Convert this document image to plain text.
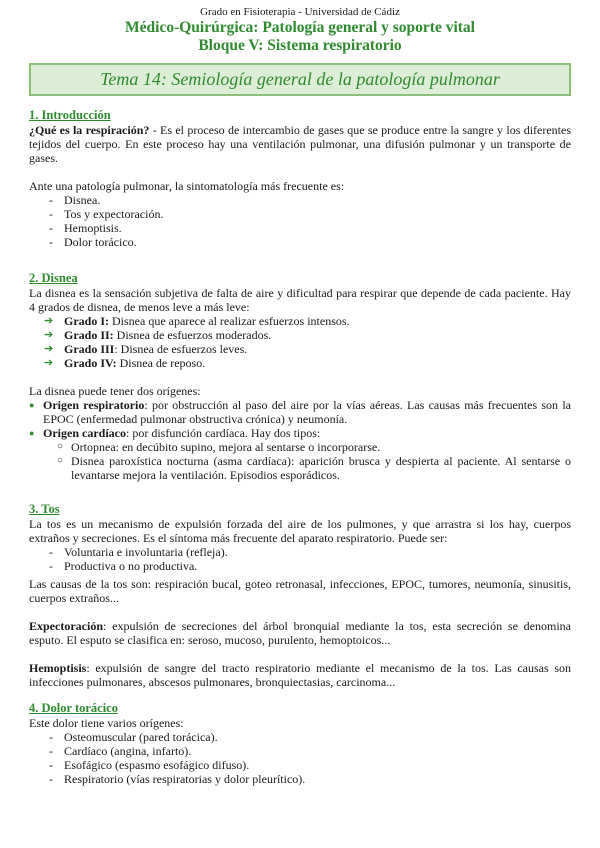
Grado en Fisioterapia - Universidad de Cádiz
Médico-Quirúrgica: Patología general y soporte vital
Bloque V: Sistema respiratorio
Tema 14: Semiología general de la patología pulmonar
1. Introducción

¿Qué es la respiración? - Es el proceso de intercambio de gases que se produce entre la sangre y los diferentes tejidos del cuerpo. En este proceso hay una ventilación pulmonar, una difusión pulmonar y un transporte de gases.

Ante una patología pulmonar, la sintomatología más frecuente es:

- Disnea.
- Tos y expectoración.
- Hemoptisis.
- Dolor torácico.
2. Disnea

La disnea es la sensación subjetiva de falta de aire y dificultad para respirar que depende de cada paciente. Hay 4 grados de disnea, de menos leve a más leve:

➔ Grado I: Disnea que aparece al realizar esfuerzos intensos.
➔ Grado II: Disnea de esfuerzos moderados.
➔ Grado III: Disnea de esfuerzos leves.
➔ Grado IV: Disnea de reposo.

La disnea puede tener dos orígenes:

● Origen respiratorio: por obstrucción al paso del aire por la vías aéreas. Las causas más frecuentes son la EPOC (enfermedad pulmonar obstructiva crónica) y neumonía.
● Origen cardíaco: por disfunción cardíaca. Hay dos tipos:
○ Ortopnea: en decúbito supino, mejora al sentarse o incorporarse.
○ Disnea paroxística nocturna (asma cardíaca): aparición brusca y despierta al paciente. Al sentarse o levantarse mejora la ventilación. Episodios esporádicos.
3. Tos

La tos es un mecanismo de expulsión forzada del aire de los pulmones, y que arrastra si los hay, cuerpos extraños y secreciones. Es el síntoma más frecuente del aparato respiratorio. Puede ser:

- Voluntaria e involuntaria (refleja).
- Productiva o no productiva.

Las causas de la tos son: respiración bucal, goteo retronasal, infecciones, EPOC, tumores, neumonía, sinusitis, cuerpos extraños...

Expectoración: expulsión de secreciones del árbol bronquial mediante la tos, esta secreción se denomina esputo. El esputo se clasifica en: seroso, mucoso, purulento, hemoptoicos...

Hemoptisis: expulsión de sangre del tracto respiratorio mediante el mecanismo de la tos. Las causas son infecciones pulmonares, abscesos pulmonares, bronquiectasias, carcinoma...

4. Dolor torácico

Este dolor tiene varios orígenes:

- Osteomuscular (pared torácica).
- Cardíaco (angina, infarto).
- Esofágico (espasmo esofágico difuso).
- Respiratorio (vías respiratorias y dolor pleurítico).
